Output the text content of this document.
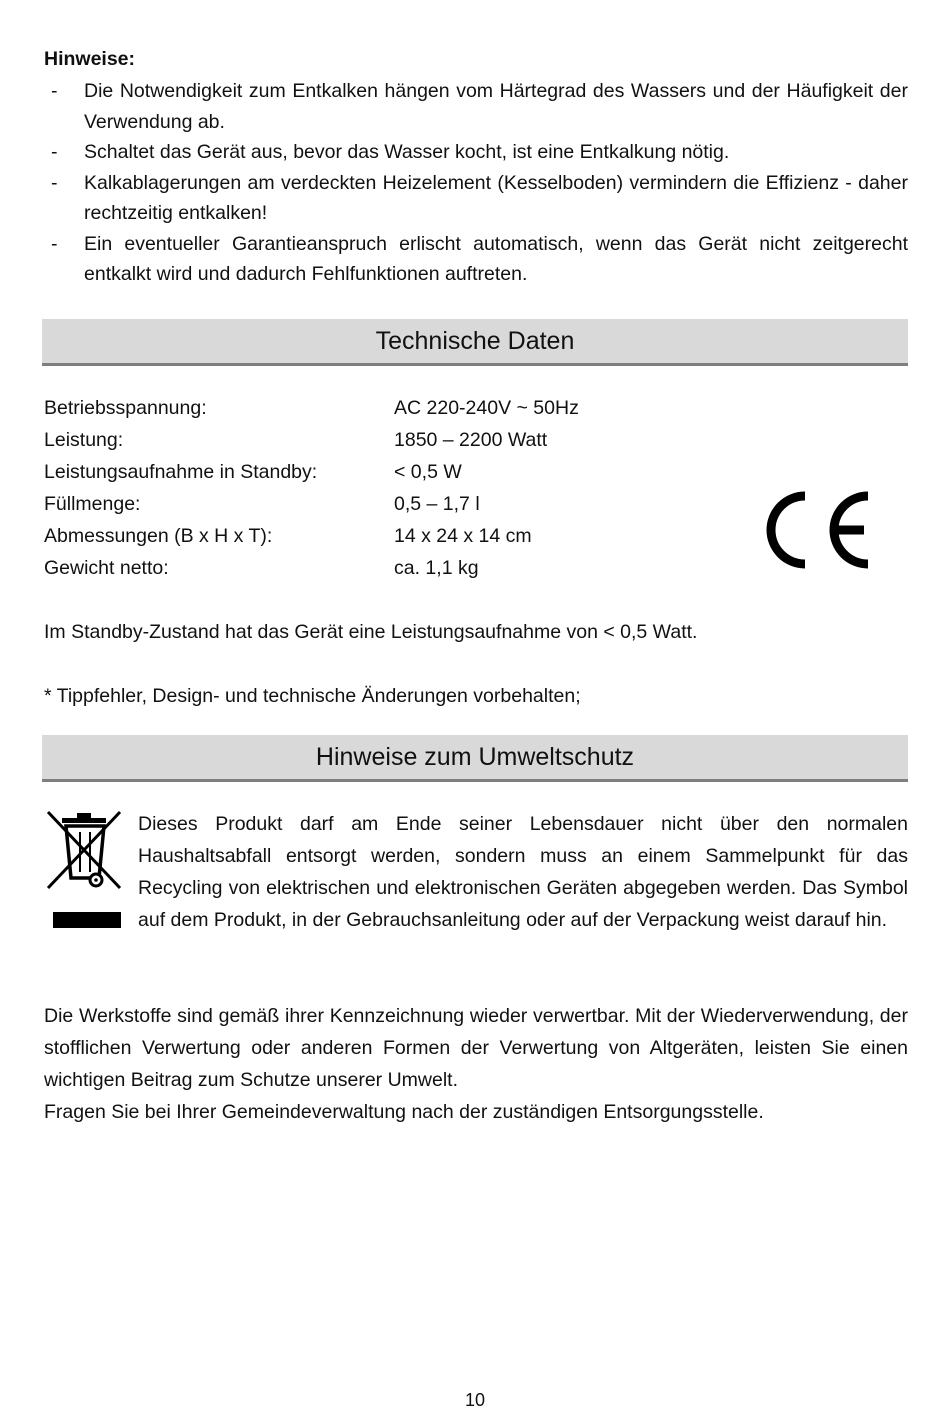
Hinweise:
- Die Notwendigkeit zum Entkalken hängen vom Härtegrad des Wassers und der Häufigkeit der Verwendung ab.
- Schaltet das Gerät aus, bevor das Wasser kocht, ist eine Entkalkung nötig.
- Kalkablagerungen am verdeckten Heizelement (Kesselboden) vermindern die Effizienz - daher rechtzeitig entkalken!
- Ein eventueller Garantieanspruch erlischt automatisch, wenn das Gerät nicht zeitgerecht entkalkt wird und dadurch Fehlfunktionen auftreten.
Technische Daten
Betriebsspannung:	AC 220-240V ~ 50Hz
Leistung:	1850 – 2200 Watt
Leistungsaufnahme in Standby:	< 0,5 W
Füllmenge:	0,5 – 1,7 l
Abmessungen (B x H x T):	14 x 24 x 14 cm
Gewicht netto:	ca. 1,1 kg
Im Standby-Zustand hat das Gerät eine Leistungsaufnahme von < 0,5 Watt.
* Tippfehler, Design- und technische Änderungen vorbehalten;
Hinweise zum Umweltschutz
Dieses Produkt darf am Ende seiner Lebensdauer nicht über den normalen Haushaltsabfall entsorgt werden, sondern muss an einem Sammelpunkt für das Recycling von elektrischen und elektronischen Geräten abgegeben werden. Das Symbol auf dem Produkt, in der Gebrauchsanleitung oder auf der Verpackung weist darauf hin.
Die Werkstoffe sind gemäß ihrer Kennzeichnung wieder verwertbar. Mit der Wiederverwendung, der stofflichen Verwertung oder anderen Formen der Verwertung von Altgeräten, leisten Sie einen wichtigen Beitrag zum Schutze unserer Umwelt.
Fragen Sie bei Ihrer Gemeindeverwaltung nach der zuständigen Entsorgungsstelle.
10
